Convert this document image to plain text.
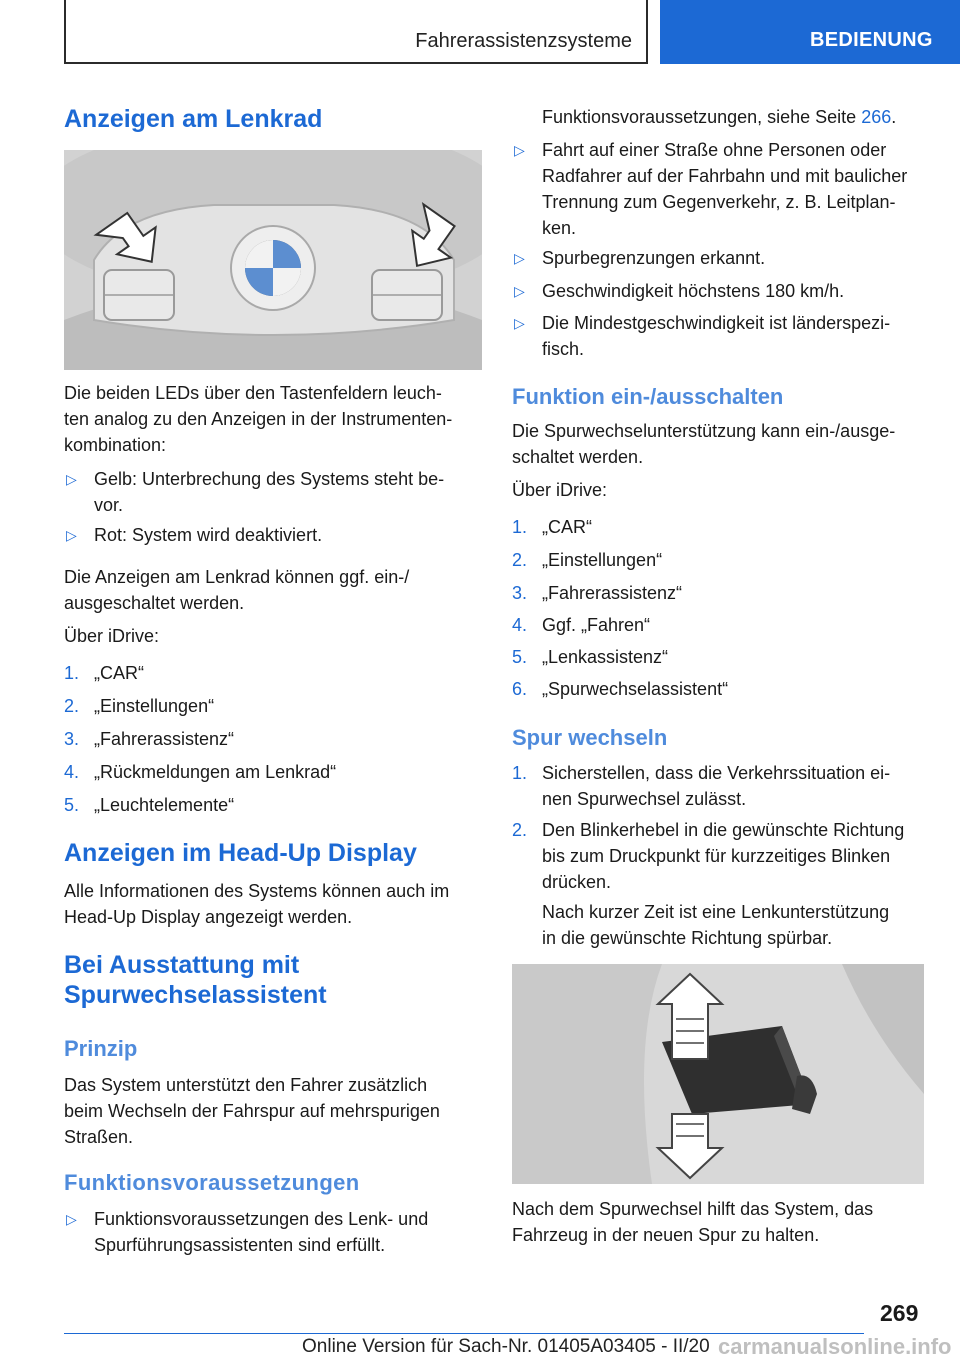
Fahrerassistenzsysteme	BEDIENUNG
Anzeigen am Lenkrad
Die beiden LEDs über den Tastenfeldern leuch-
ten analog zu den Anzeigen in der Instrumenten-
kombination:
▷ Gelb: Unterbrechung des Systems steht be-
vor.
▷ Rot: System wird deaktiviert.
Die Anzeigen am Lenkrad können ggf. ein-/
ausgeschaltet werden.
Über iDrive:
1. „CAR“
2. „Einstellungen“
3. „Fahrerassistenz“
4. „Rückmeldungen am Lenkrad“
5. „Leuchtelemente“
Anzeigen im Head-Up Display
Alle Informationen des Systems können auch im
Head-Up Display angezeigt werden.
Bei Ausstattung mit
Spurwechselassistent
Prinzip
Das System unterstützt den Fahrer zusätzlich
beim Wechseln der Fahrspur auf mehrspurigen
Straßen.
Funktionsvoraussetzungen
▷ Funktionsvoraussetzungen des Lenk- und
Spurführungsassistenten sind erfüllt.
Funktionsvoraussetzungen, siehe Seite 266.
▷ Fahrt auf einer Straße ohne Personen oder
Radfahrer auf der Fahrbahn und mit baulicher
Trennung zum Gegenverkehr, z. B. Leitplan-
ken.
▷ Spurbegrenzungen erkannt.
▷ Geschwindigkeit höchstens 180 km/h.
▷ Die Mindestgeschwindigkeit ist länderspezi-
fisch.
Funktion ein-/ausschalten
Die Spurwechselunterstützung kann ein-/ausge-
schaltet werden.
Über iDrive:
1. „CAR“
2. „Einstellungen“
3. „Fahrerassistenz“
4. Ggf. „Fahren“
5. „Lenkassistenz“
6. „Spurwechselassistent“
Spur wechseln
1. Sicherstellen, dass die Verkehrssituation ei-
nen Spurwechsel zulässt.
2. Den Blinkerhebel in die gewünschte Richtung
bis zum Druckpunkt für kurzzeitiges Blinken
drücken.
Nach kurzer Zeit ist eine Lenkunterstützung
in die gewünschte Richtung spürbar.
Nach dem Spurwechsel hilft das System, das
Fahrzeug in der neuen Spur zu halten.
269
Online Version für Sach-Nr. 01405A03405 - II/20 carmanualsonline.info
